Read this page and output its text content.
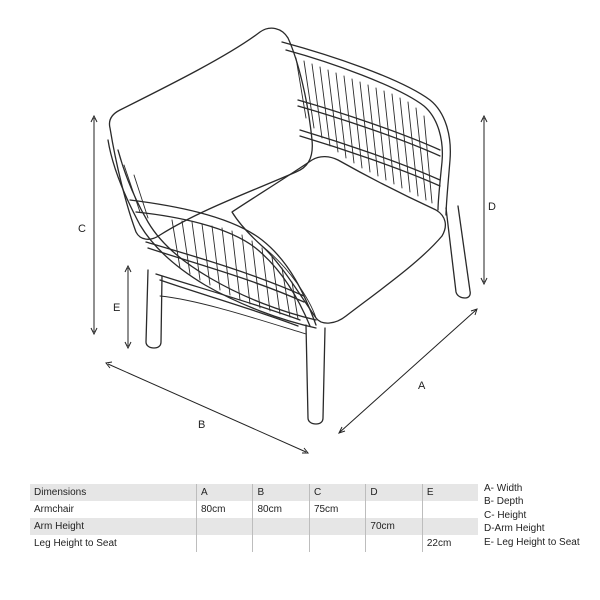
C
E
D
B
A
Dimensions	A	B	C	D	E
Armchair	80cm	80cm	75cm		
Arm Height				70cm	
Leg Height to Seat					22cm
A- Width
B- Depth
C- Height
D-Arm Height
E- Leg Height to Seat
